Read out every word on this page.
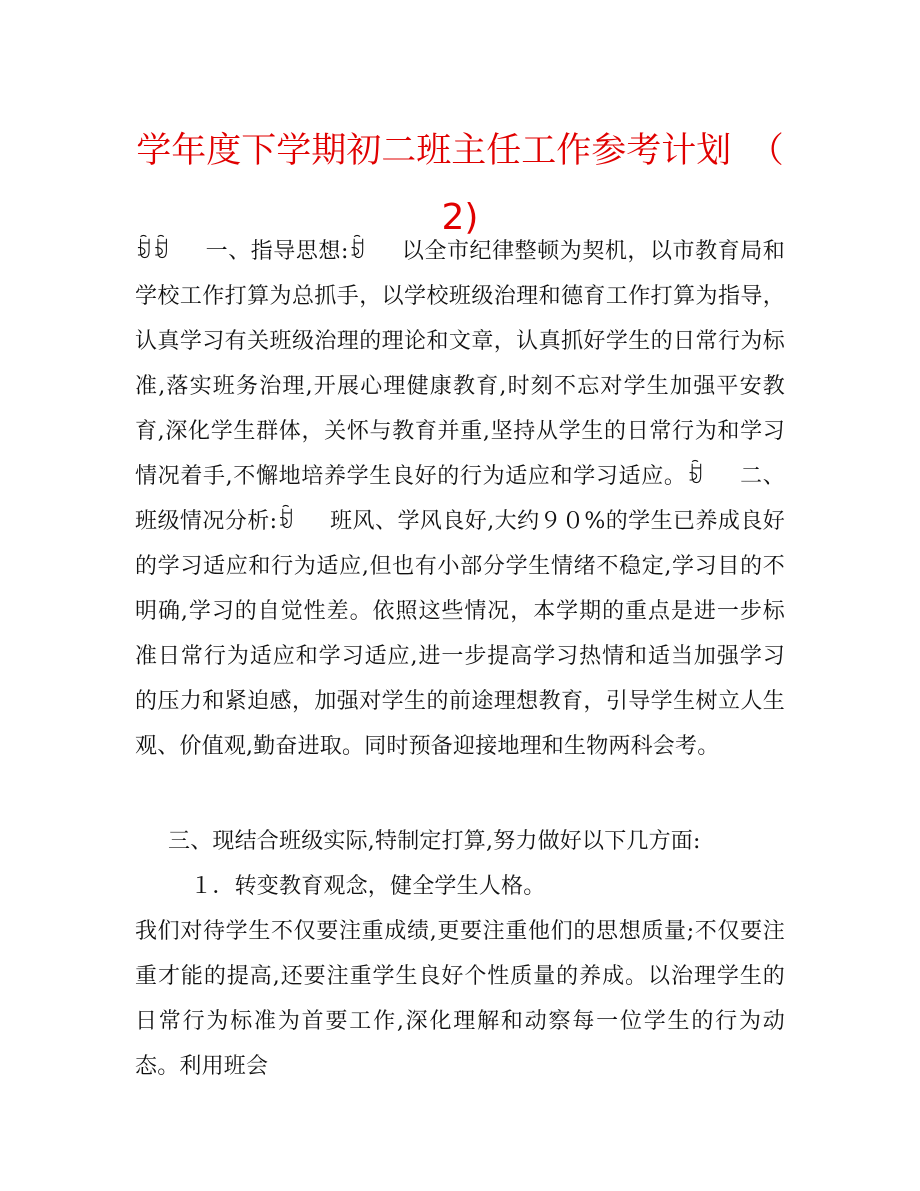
学年度下学期初二班主任工作参考计划　（
2)

ꀁꀁ　　一、指导思想:ꀁ　　以全市纪律整顿为契机，以市教育局和学校工作打算为总抓手，以学校班级治理和德育工作打算为指导，认真学习有关班级治理的理论和文章，认真抓好学生的日常行为标准,落实班务治理,开展心理健康教育,时刻不忘对学生加强平安教育,深化学生群体，关怀与教育并重,坚持从学生的日常行为和学习情况着手,不懈地培养学生良好的行为适应和学习适应。ꀁ　　二、班级情况分析:ꀁ　　班风、学风良好,大约９０%的学生已养成良好的学习适应和行为适应,但也有小部分学生情绪不稳定,学习目的不明确,学习的自觉性差。依照这些情况，本学期的重点是进一步标准日常行为适应和学习适应,进一步提高学习热情和适当加强学习的压力和紧迫感，加强对学生的前途理想教育，引导学生树立人生观、价值观,勤奋进取。同时预备迎接地理和生物两科会考。

三、现结合班级实际,特制定打算,努力做好以下几方面:

　１．转变教育观念，健全学生人格。

我们对待学生不仅要注重成绩,更要注重他们的思想质量;不仅要注重才能的提高,还要注重学生良好个性质量的养成。以治理学生的日常行为标准为首要工作,深化理解和动察每一位学生的行为动态。利用班会
